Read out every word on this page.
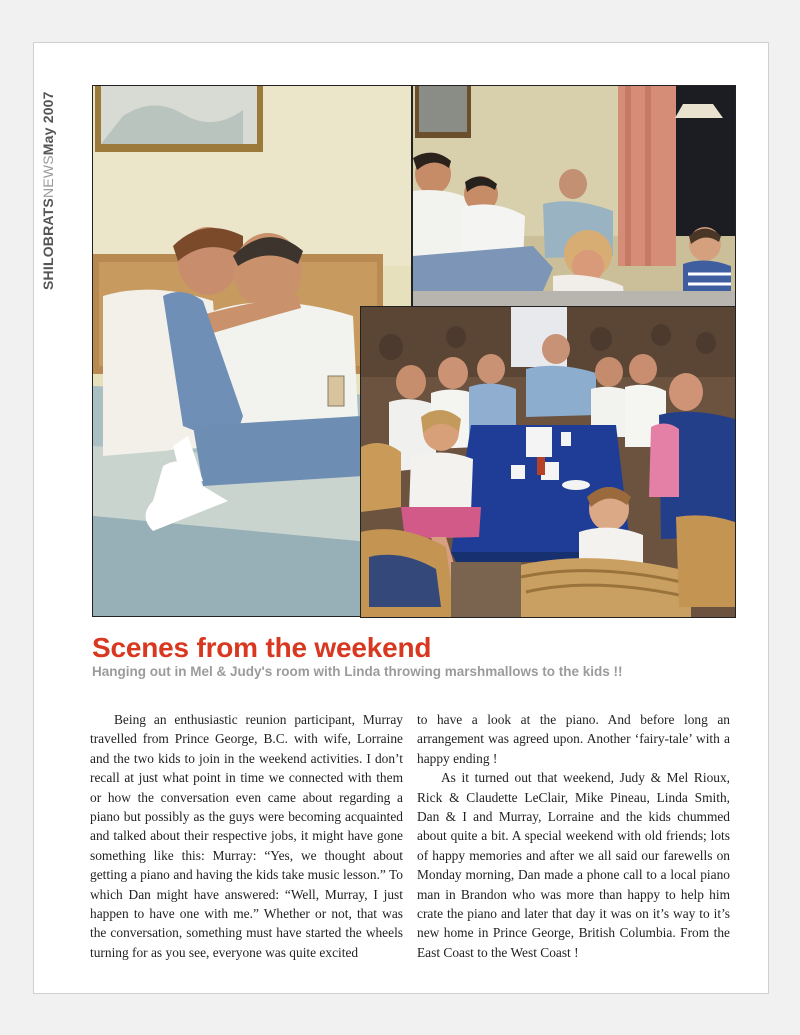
SHILOBRATSNEWSMay 2007
Scenes from the weekend

Hanging out in Mel & Judy's room with Linda throwing marshmallows to the kids !!

Being an enthusiastic reunion participant, Murray travelled from Prince George, B.C. with wife, Lorraine and the two kids to join in the weekend activities. I don’t recall at just what point in time we connected with them or how the conversation even came about regarding a piano but possibly as the guys were becoming acquainted and talked about their respective jobs, it might have gone something like this: Murray: “Yes, we thought about getting a piano and having the kids take music lesson.” To which Dan might have answered: “Well, Murray, I just happen to have one with me.” Whether or not, that was the conversation, something must have started the wheels turning for as you see, everyone was quite excited

to have a look at the piano. And before long an arrangement was agreed upon. Another ‘fairy-tale’ with a happy ending !

As it turned out that weekend, Judy & Mel Rioux, Rick & Claudette LeClair, Mike Pineau, Linda Smith, Dan & I and Murray, Lorraine and the kids chummed about quite a bit. A special weekend with old friends; lots of happy memories and after we all said our farewells on Monday morning, Dan made a phone call to a local piano man in Brandon who was more than happy to help him crate the piano and later that day it was on it’s way to it’s new home in Prince George, British Columbia. From the East Coast to the West Coast !
